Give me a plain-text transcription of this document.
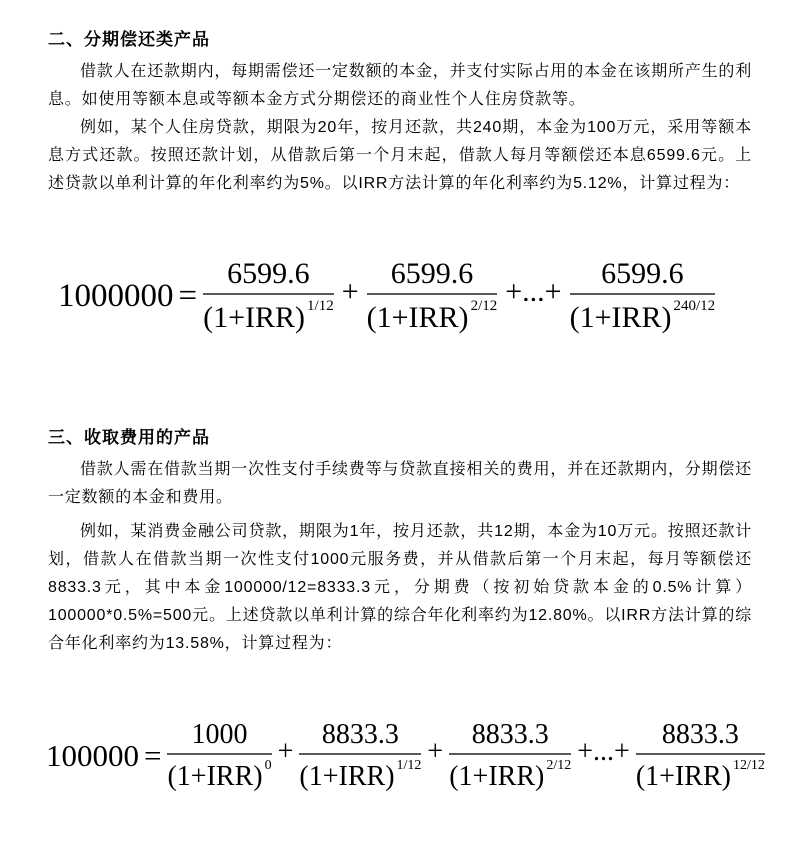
二、分期偿还类产品

借款人在还款期内，每期需偿还一定数额的本金，并支付实际占用的本金在该期所产生的利息。如使用等额本息或等额本金方式分期偿还的商业性个人住房贷款等。

例如，某个人住房贷款，期限为20年，按月还款，共240期，本金为100万元，采用等额本息方式还款。按照还款计划，从借款后第一个月末起，借款人每月等额偿还本息6599.6元。上述贷款以单利计算的年化利率约为5%。以IRR方法计算的年化利率约为5.12%，计算过程为：

$1000000 = \frac{6599.6}{\text{(1+IRR) 1/12}} + \frac{6599.6}{\text{(1+IRR) 2/12}}$ +...+ $\frac{6599.6}{\text{(1+IRR) 240/12}}$
三、收取费用的产品

借款人需在借款当期一次性支付手续费等与贷款直接相关的费用，并在还款期内，分期偿还一定数额的本金和费用。

例如，某消费金融公司贷款，期限为1年，按月还款，共12期，本金为10万元。按照还款计划，借款人在借款当期一次性支付1000元服务费，并从借款后第一个月末起，每月等额偿还8833.3元，其中本金100000/12=8333.3元，分期费（按初始贷款本金的0.5%计算）100000*0.5%=500元。上述贷款以单利计算的综合年化利率约为12.80%。以IRR方法计算的综合年化利率约为13.58%，计算过程为：

$100000 = \frac{1000}{\text{(1+IRR) 0}} + \frac{8833.3}{\text{(1+IRR) 1/12}} + \frac{8833.3}{\text{(1+IRR) 2/12}}$ +...+ $\frac{8833.3}{\text{(1+IRR) 12/12}}$
